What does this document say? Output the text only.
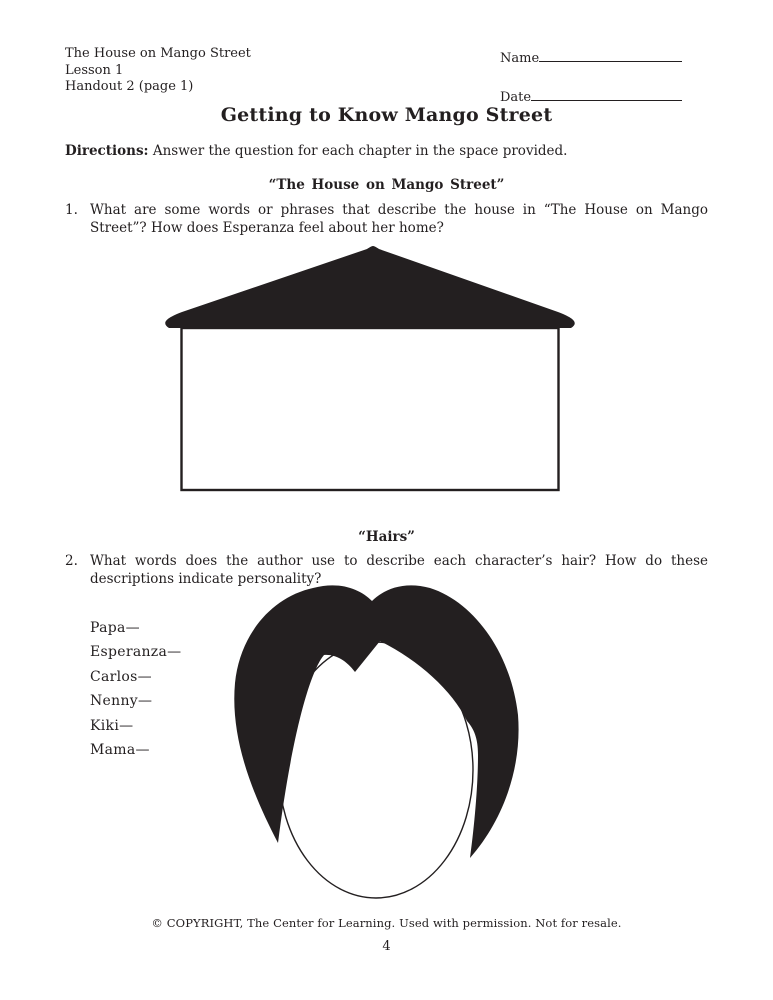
The House on Mango Street
Lesson 1
Handout 2 (page 1)
Name
Date
Getting to Know Mango Street
Directions: Answer the question for each chapter in the space provided.
“The House on Mango Street”
1. What are some words or phrases that describe the house in “The House on Mango Street”? How does Esperanza feel about her home?
“Hairs”
2. What words does the author use to describe each character’s hair? How do these descriptions indicate personality?
Papa—
Esperanza—
Carlos—
Nenny—
Kiki—
Mama—
© COPYRIGHT, The Center for Learning. Used with permission. Not for resale.
4
